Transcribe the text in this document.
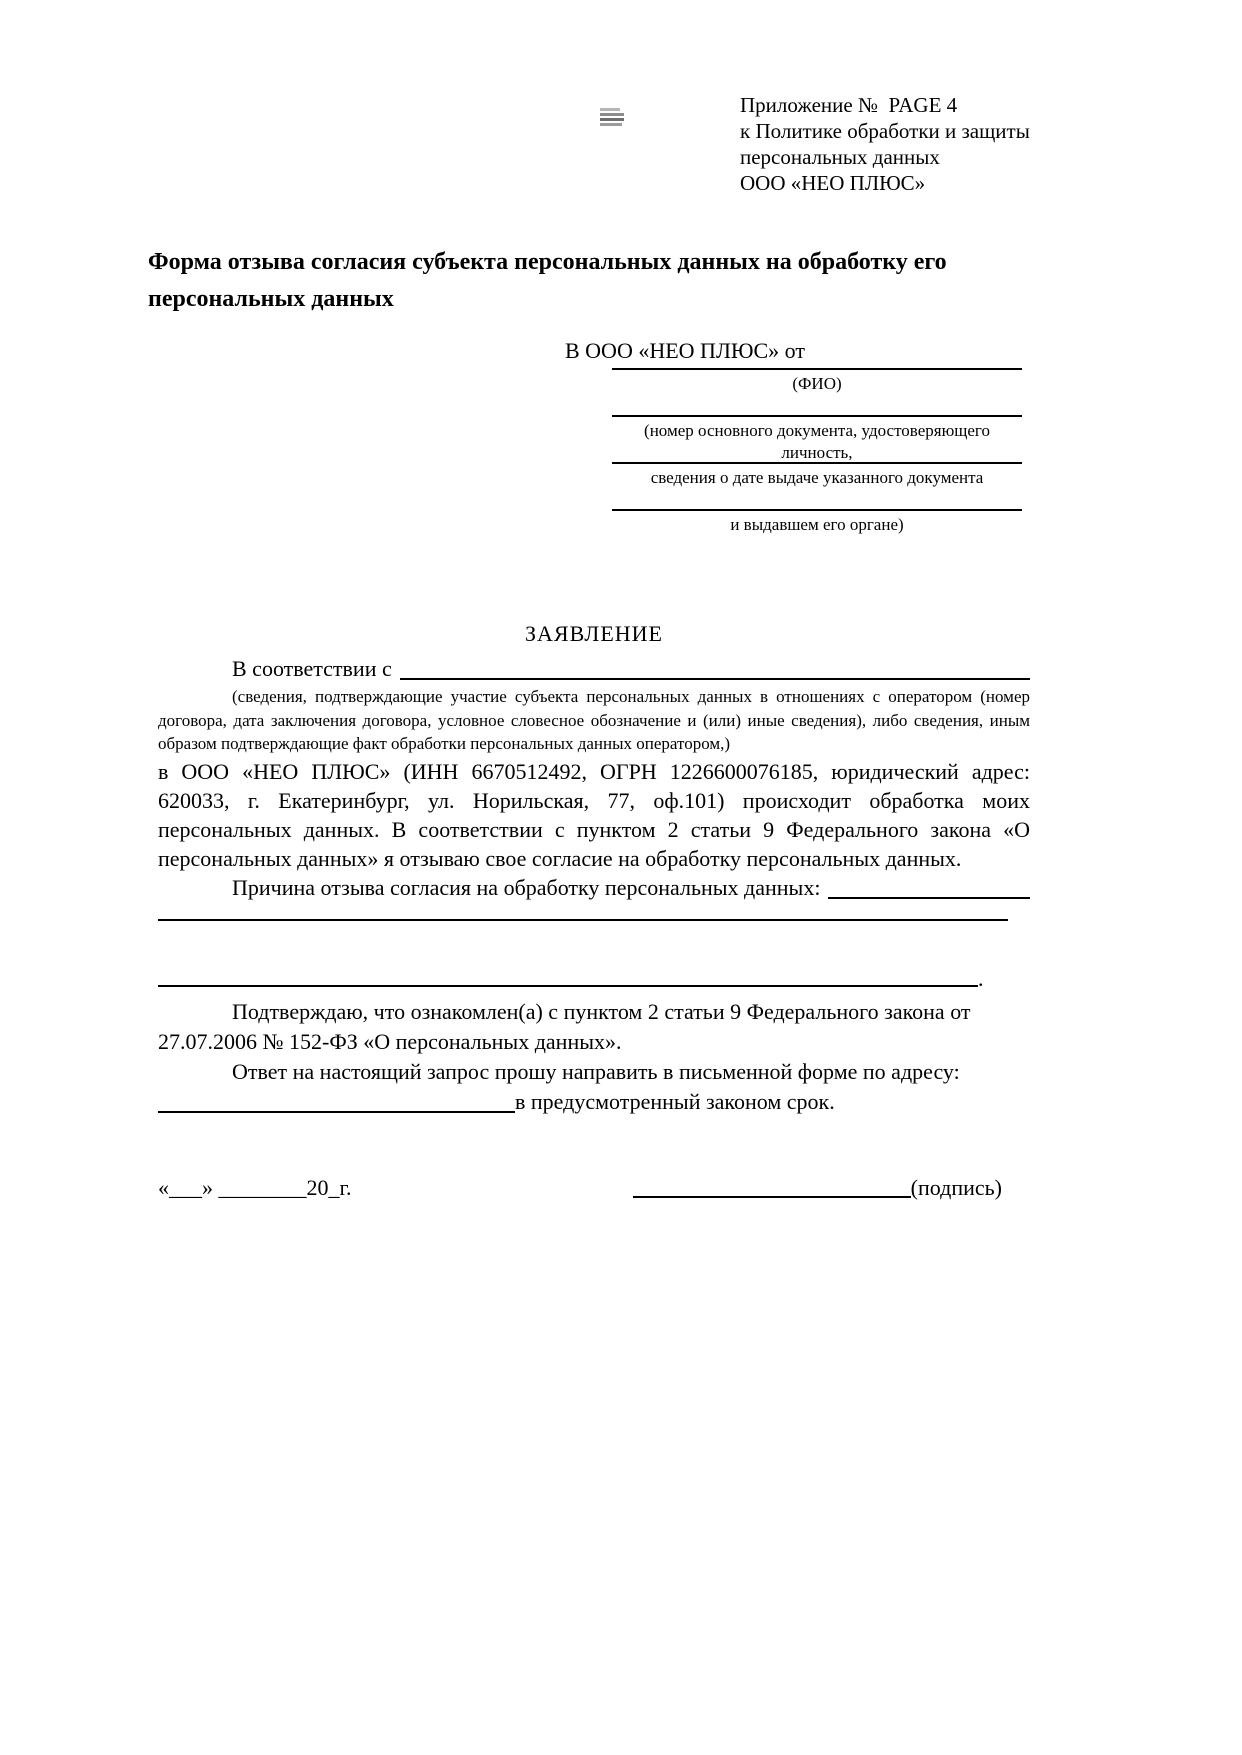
Приложение №  PAGE 4
к Политике обработки и защиты
персональных данных
ООО «НЕО ПЛЮС»
Форма отзыва согласия субъекта персональных данных на обработку его персональных данных
В ООО «НЕО ПЛЮС» от
(ФИО)
(номер основного документа, удостоверяющего личность,
сведения о дате выдаче указанного документа
и выдавшем его органе)
ЗАЯВЛЕНИЕ
В соответствии с
(сведения, подтверждающие участие субъекта персональных данных в отношениях с оператором (номер договора, дата заключения договора, условное словесное обозначение и (или) иные сведения), либо сведения, иным образом подтверждающие факт обработки персональных данных оператором,)
в ООО «НЕО ПЛЮС» (ИНН 6670512492, ОГРН 1226600076185, юридический адрес: 620033, г. Екатеринбург, ул. Норильская, 77, оф.101) происходит обработка моих персональных данных. В соответствии с пунктом 2 статьи 9 Федерального закона «О персональных данных» я отзываю свое согласие на обработку персональных данных.
Причина отзыва согласия на обработку персональных данных:
.
Подтверждаю, что ознакомлен(а) с пунктом 2 статьи 9 Федерального закона от
27.07.2006 № 152-ФЗ «О персональных данных».
Ответ на настоящий запрос прошу направить в письменной форме по адресу:
в предусмотренный законом срок.
«___» ________20_г.	(подпись)
